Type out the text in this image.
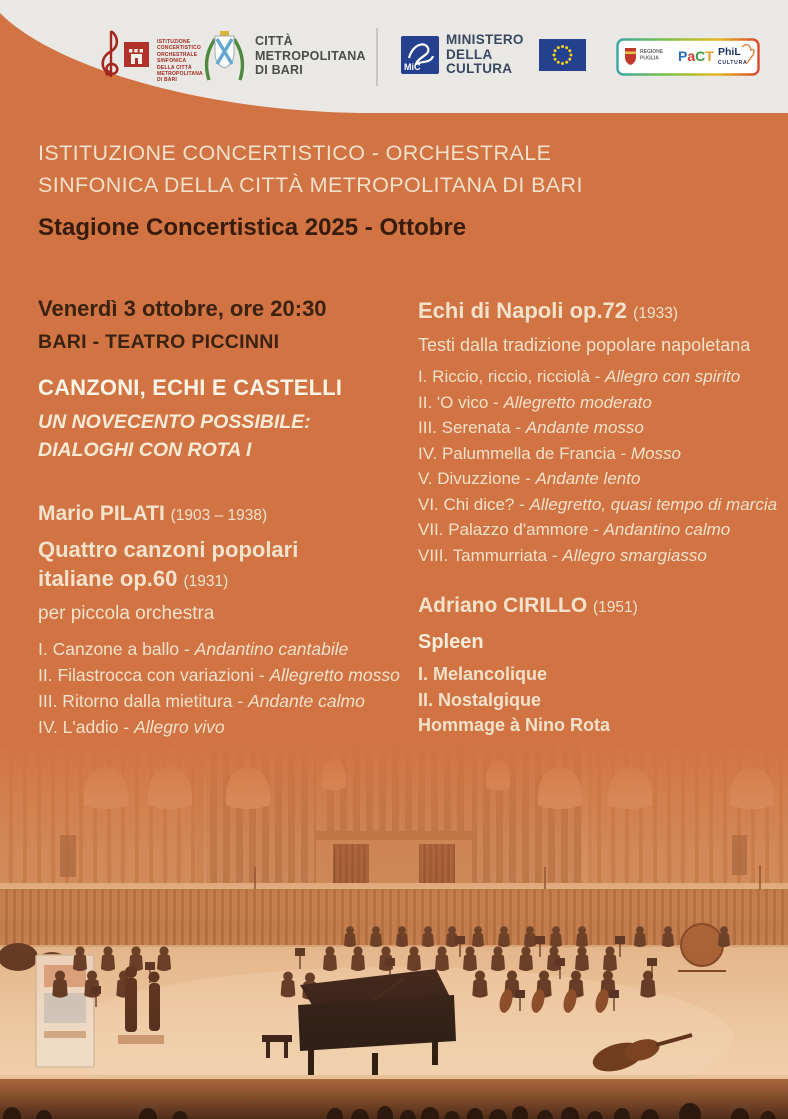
ISTITUZIONE
CONCERTISTICO
ORCHESTRALE
SINFONICA
DELLA CITTÀ
METROPOLITANA
DI BARI
CITTÀ
METROPOLITANA
DI BARI	MiC
MINISTERO
DELLA
CULTURA
REGIONE
PUGLIA PaCT PhiL
CULTURA
ISTITUZIONE CONCERTISTICO - ORCHESTRALE
SINFONICA DELLA CITTÀ METROPOLITANA DI BARI
Stagione Concertistica 2025 - Ottobre
Venerdì 3 ottobre, ore 20:30
BARI - TEATRO PICCINNI
CANZONI, ECHI E CASTELLI
UN NOVECENTO POSSIBILE:
DIALOGHI CON ROTA I
Mario PILATI (1903 – 1938)
Quattro canzoni popolari
italiane op.60 (1931)
per piccola orchestra
I. Canzone a ballo - Andantino cantabile
II. Filastrocca con variazioni - Allegretto mosso
III. Ritorno dalla mietitura - Andante calmo
IV. L'addio - Allegro vivo
Echi di Napoli op.72 (1933)
Testi dalla tradizione popolare napoletana
I. Riccio, riccio, ricciolà - Allegro con spirito
II. 'O vico - Allegretto moderato
III. Serenata - Andante mosso
IV. Palummella de Francia - Mosso
V. Divuzzione - Andante lento
VI. Chi dice? - Allegretto, quasi tempo di marcia
VII. Palazzo d'ammore - Andantino calmo
VIII. Tammurriata - Allegro smargiasso
Adriano CIRILLO (1951)
Spleen
I. Melancolique
II. Nostalgique
Hommage à Nino Rota
